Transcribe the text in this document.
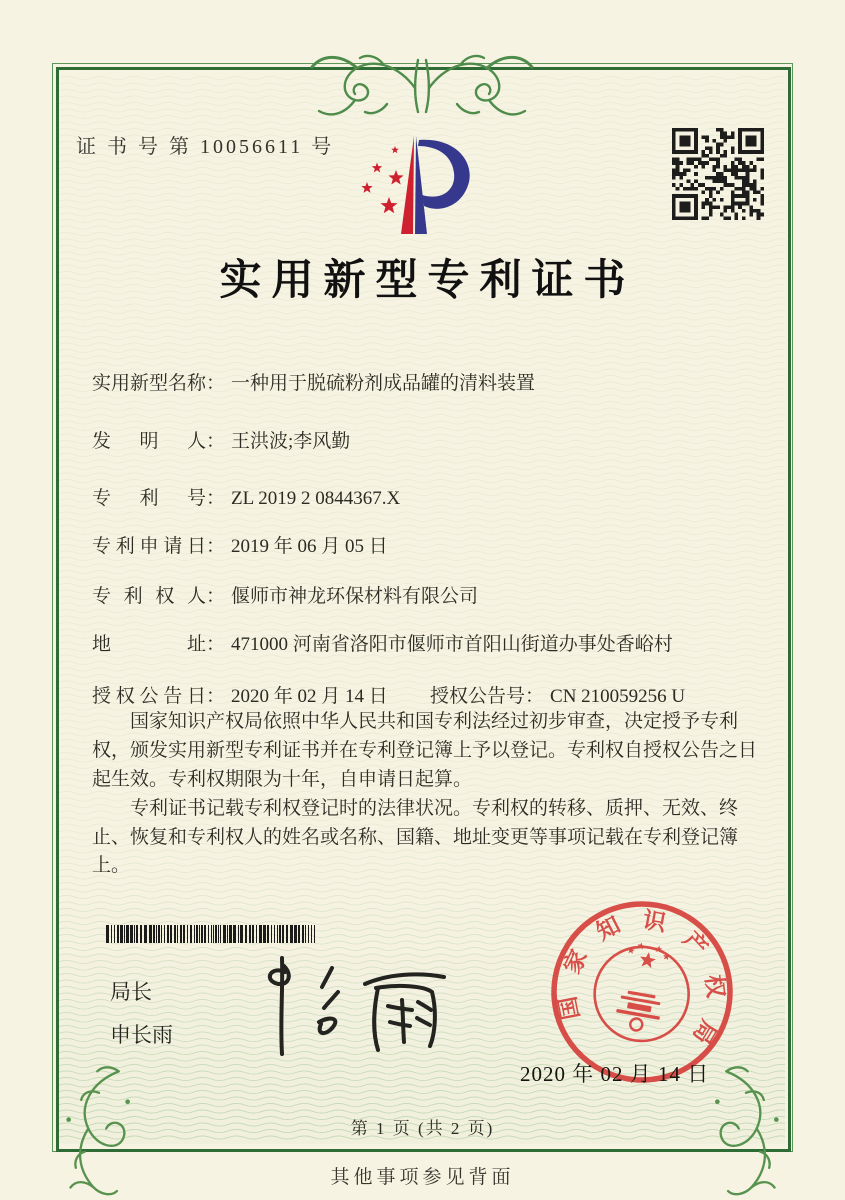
证 书 号 第 10056611 号
实用新型专利证书
实用新型名称： 一种用于脱硫粉剂成品罐的清料装置
发明人： 王洪波;李风勤
专利号： ZL 2019 2 0844367.X
专利申请日： 2019 年 06 月 05 日
专利权人： 偃师市神龙环保材料有限公司
地址： 471000 河南省洛阳市偃师市首阳山街道办事处香峪村
授权公告日： 2020 年 02 月 14 日 授权公告号： CN 210059256 U

国家知识产权局依照中华人民共和国专利法经过初步审查，决定授予专利权，颁发实用新型专利证书并在专利登记簿上予以登记。专利权自授权公告之日起生效。专利权期限为十年，自申请日起算。

专利证书记载专利权登记时的法律状况。专利权的转移、质押、无效、终止、恢复和专利权人的姓名或名称、国籍、地址变更等事项记载在专利登记簿上。

局长
申长雨
国
家
知 识
产
权
局
2020 年 02 月 14 日
第 1 页 (共 2 页)
其他事项参见背面
